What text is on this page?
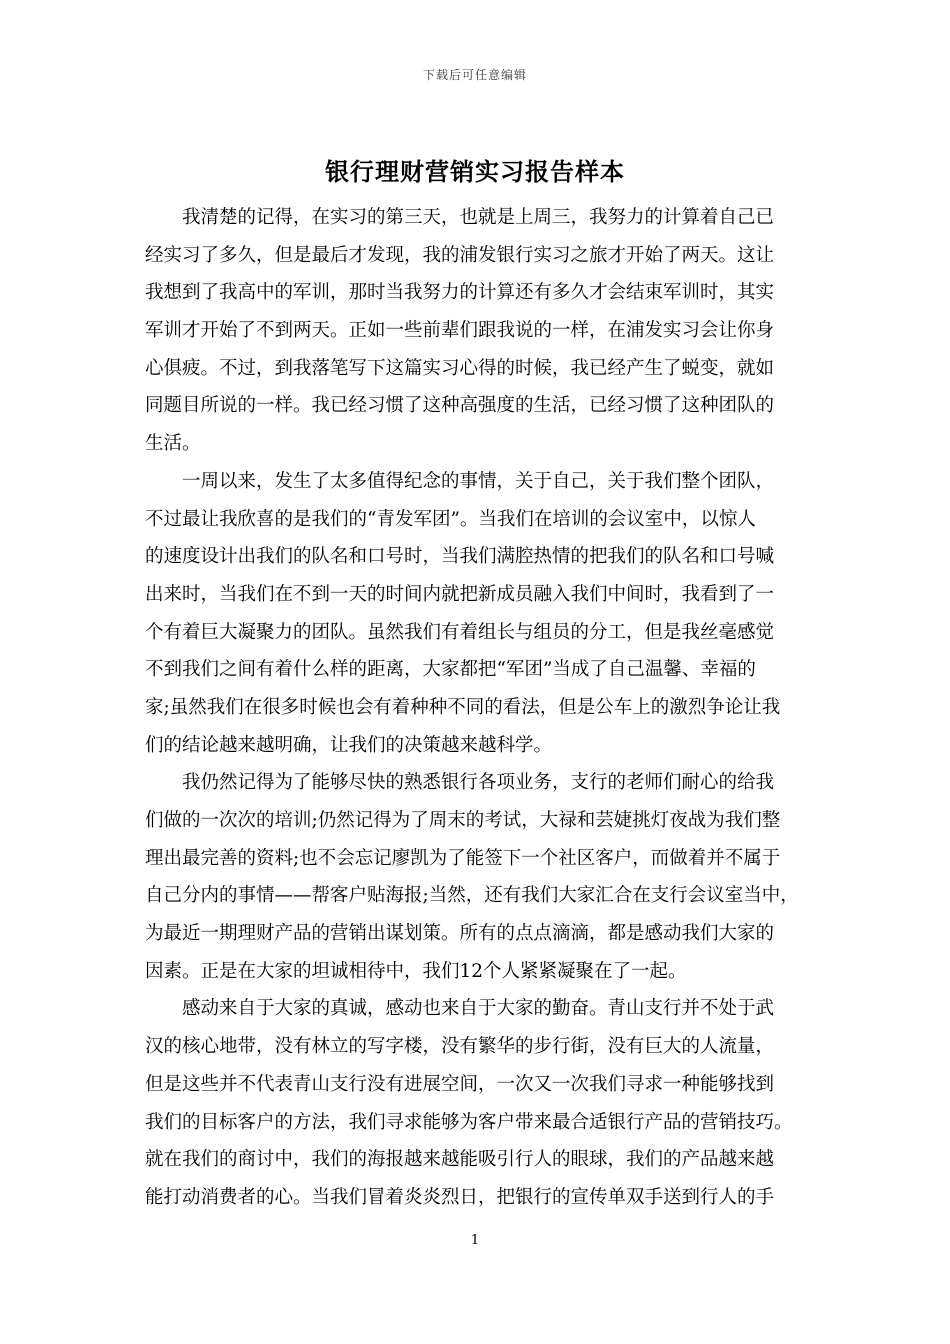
下载后可任意编辑
银行理财营销实习报告样本
我清楚的记得，在实习的第三天，也就是上周三，我努力的计算着自己已
经实习了多久，但是最后才发现，我的浦发银行实习之旅才开始了两天。这让
我想到了我高中的军训，那时当我努力的计算还有多久才会结束军训时，其实
军训才开始了不到两天。正如一些前辈们跟我说的一样，在浦发实习会让你身
心俱疲。不过，到我落笔写下这篇实习心得的时候，我已经产生了蜕变，就如
同题目所说的一样。我已经习惯了这种高强度的生活，已经习惯了这种团队的
生活。
一周以来，发生了太多值得纪念的事情，关于自己，关于我们整个团队，
不过最让我欣喜的是我们的“青发军团”。当我们在培训的会议室中，以惊人
的速度设计出我们的队名和口号时，当我们满腔热情的把我们的队名和口号喊
出来时，当我们在不到一天的时间内就把新成员融入我们中间时，我看到了一
个有着巨大凝聚力的团队。虽然我们有着组长与组员的分工，但是我丝毫感觉
不到我们之间有着什么样的距离，大家都把“军团”当成了自己温馨、幸福的
家;虽然我们在很多时候也会有着种种不同的看法，但是公车上的激烈争论让我
们的结论越来越明确，让我们的决策越来越科学。
我仍然记得为了能够尽快的熟悉银行各项业务，支行的老师们耐心的给我
们做的一次次的培训;仍然记得为了周末的考试，大禄和芸婕挑灯夜战为我们整
理出最完善的资料;也不会忘记廖凯为了能签下一个社区客户，而做着并不属于
自己分内的事情——帮客户贴海报;当然，还有我们大家汇合在支行会议室当中，
为最近一期理财产品的营销出谋划策。所有的点点滴滴，都是感动我们大家的
因素。正是在大家的坦诚相待中，我们12个人紧紧凝聚在了一起。
感动来自于大家的真诚，感动也来自于大家的勤奋。青山支行并不处于武
汉的核心地带，没有林立的写字楼，没有繁华的步行街，没有巨大的人流量，
但是这些并不代表青山支行没有进展空间，一次又一次我们寻求一种能够找到
我们的目标客户的方法，我们寻求能够为客户带来最合适银行产品的营销技巧。
就在我们的商讨中，我们的海报越来越能吸引行人的眼球，我们的产品越来越
能打动消费者的心。当我们冒着炎炎烈日，把银行的宣传单双手送到行人的手
1
